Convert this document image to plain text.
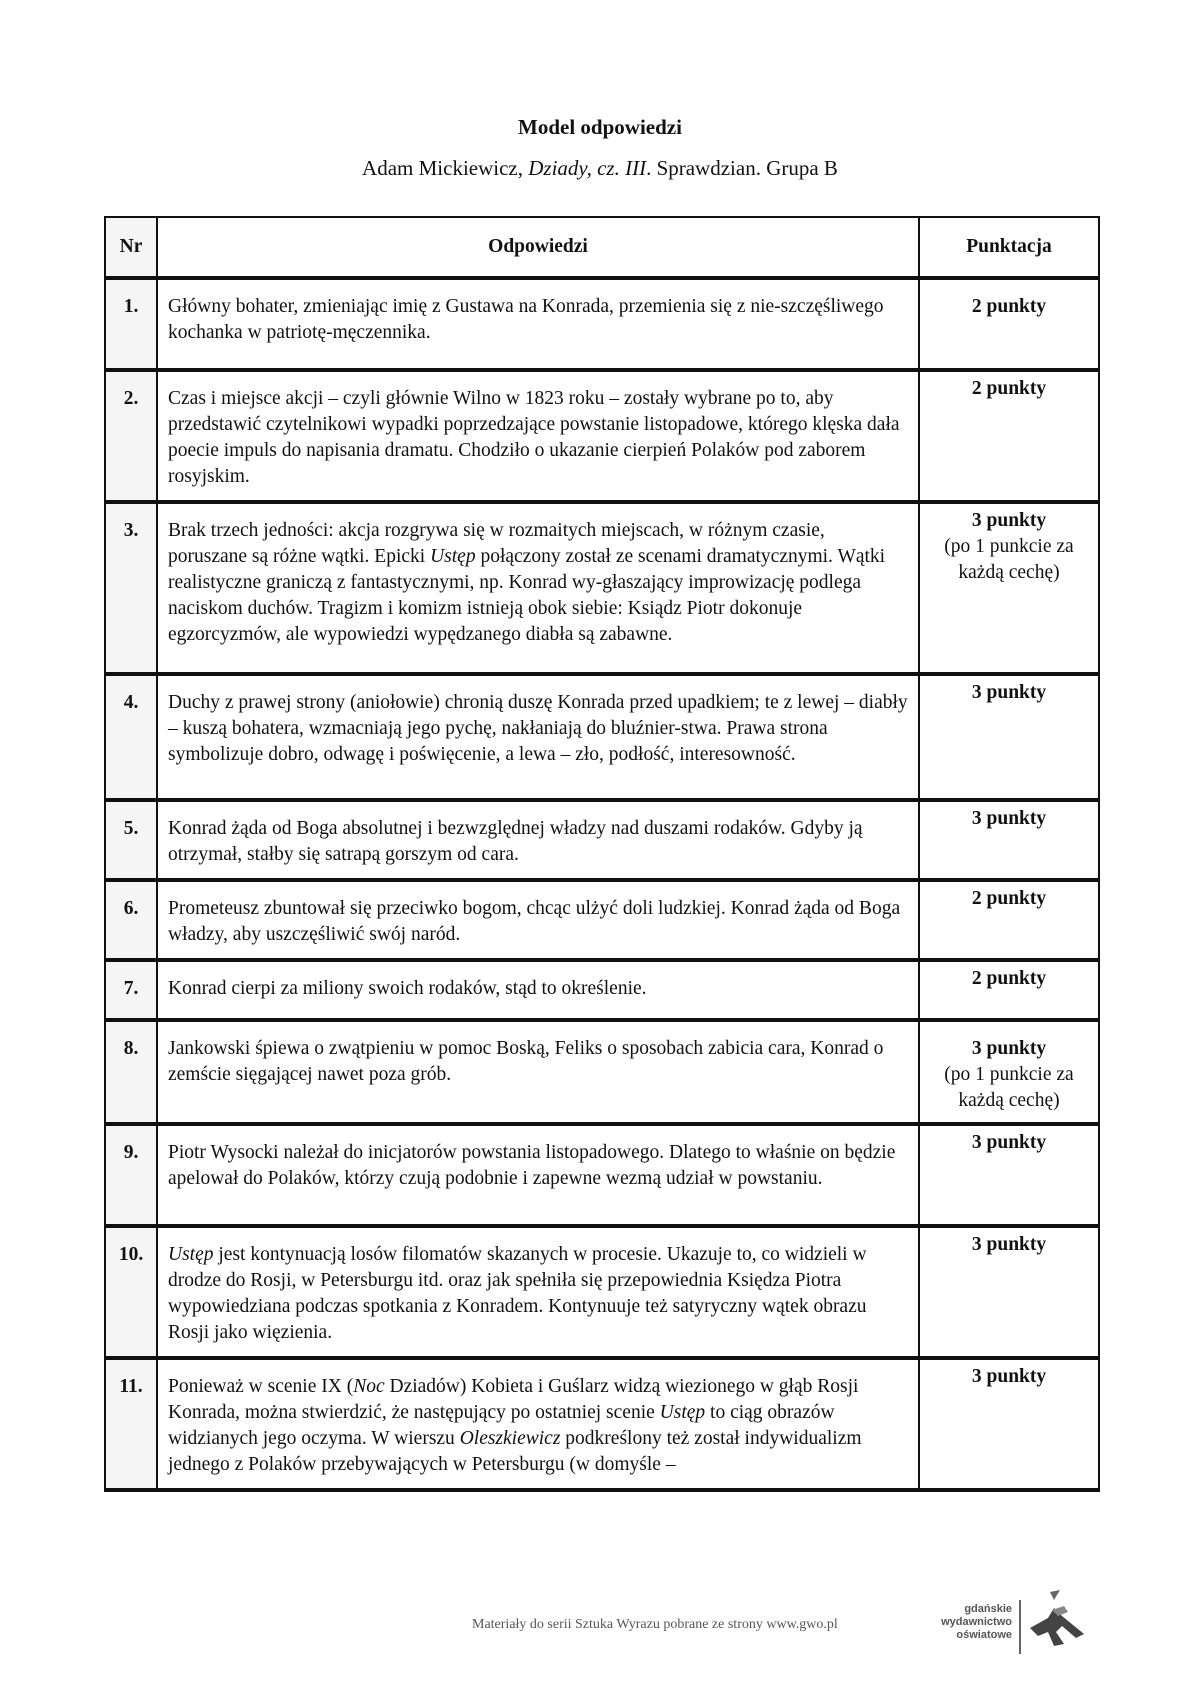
Model odpowiedzi
Adam Mickiewicz, Dziady, cz. III. Sprawdzian. Grupa B
Nr	Odpowiedzi	Punktacja
1.	Główny bohater, zmieniając imię z Gustawa na Konrada, przemienia się z nie-szczęśliwego kochanka w patriotę-męczennika.	2 punkty

2.	Czas i miejsce akcji – czyli głównie Wilno w 1823 roku – zostały wybrane po to, aby przedstawić czytelnikowi wypadki poprzedzające powstanie listopadowe, którego klęska dała poecie impuls do napisania dramatu. Chodziło o ukazanie cierpień Polaków pod zaborem rosyjskim.	2 punkty

3.	Brak trzech jedności: akcja rozgrywa się w rozmaitych miejscach, w różnym czasie, poruszane są różne wątki. Epicki Ustęp połączony został ze scenami dramatycznymi. Wątki realistyczne graniczą z fantastycznymi, np. Konrad wy-głaszający improwizację podlega naciskom duchów. Tragizm i komizm istnieją obok siebie: Ksiądz Piotr dokonuje egzorcyzmów, ale wypowiedzi wypędzanego diabła są zabawne.	3 punkty
(po 1 punkcie za każdą cechę)

4.	Duchy z prawej strony (aniołowie) chronią duszę Konrada przed upadkiem; te z lewej – diabły – kuszą bohatera, wzmacniają jego pychę, nakłaniają do bluźnier-stwa. Prawa strona symbolizuje dobro, odwagę i poświęcenie, a lewa – zło, podłość, interesowność.	3 punkty

5.	Konrad żąda od Boga absolutnej i bezwzględnej władzy nad duszami rodaków. Gdyby ją otrzymał, stałby się satrapą gorszym od cara.	3 punkty

6.	Prometeusz zbuntował się przeciwko bogom, chcąc ulżyć doli ludzkiej. Konrad żąda od Boga władzy, aby uszczęśliwić swój naród.	2 punkty

7.	Konrad cierpi za miliony swoich rodaków, stąd to określenie.	2 punkty

8.	Jankowski śpiewa o zwątpieniu w pomoc Boską, Feliks o sposobach zabicia cara, Konrad o zemście sięgającej nawet poza grób.	3 punkty
(po 1 punkcie za każdą cechę)

9.	Piotr Wysocki należał do inicjatorów powstania listopadowego. Dlatego to właśnie on będzie apelował do Polaków, którzy czują podobnie i zapewne wezmą udział w powstaniu.	3 punkty

10.	Ustęp jest kontynuacją losów filomatów skazanych w procesie. Ukazuje to, co widzieli w drodze do Rosji, w Petersburgu itd. oraz jak spełniła się przepowiednia Księdza Piotra wypowiedziana podczas spotkania z Konradem. Kontynuuje też satyryczny wątek obrazu Rosji jako więzienia.	3 punkty

11.	Ponieważ w scenie IX (Noc Dziadów) Kobieta i Guślarz widzą wiezionego w głąb Rosji Konrada, można stwierdzić, że następujący po ostatniej scenie Ustęp to ciąg obrazów widzianych jego oczyma. W wierszu Oleszkiewicz podkreślony też został indywidualizm jednego z Polaków przebywających w Petersburgu (w domyśle –	3 punkty
Materiały do serii Sztuka Wyrazu pobrane ze strony www.gwo.pl
gdańskie
wydawnictwo
oświatowe
